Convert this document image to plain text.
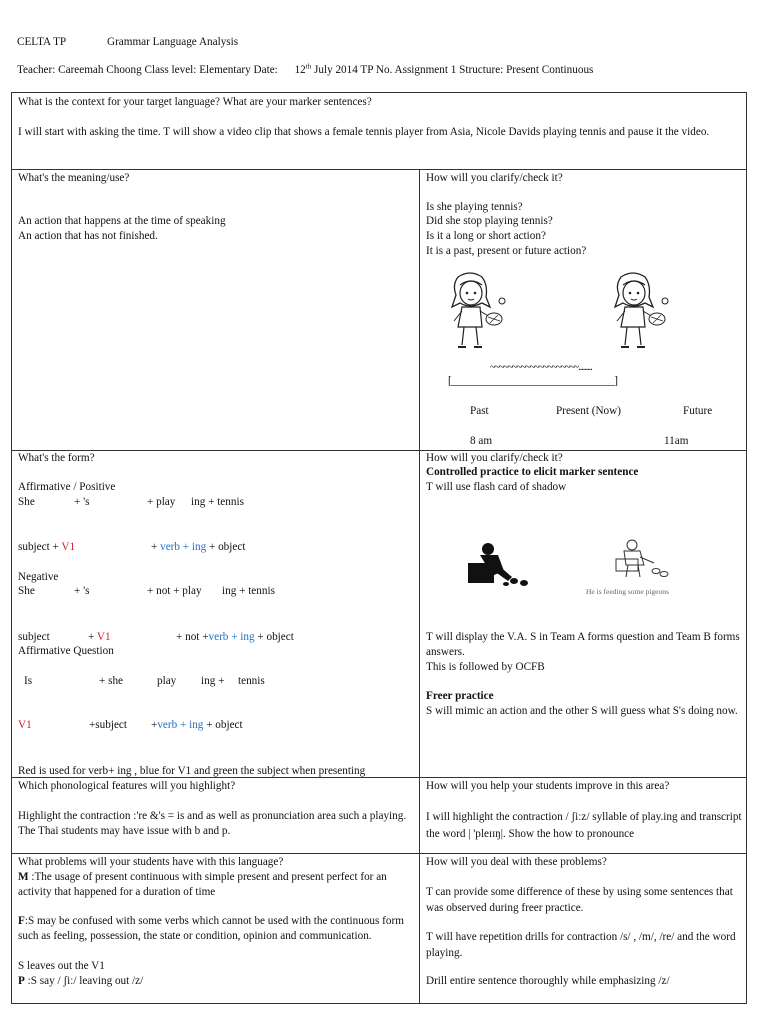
CELTA TP	Grammar Language Analysis
Teacher: Careemah Choong Class level: Elementary Date: 12th July 2014 TP No. Assignment 1 Structure: Present Continuous
What is the context for your target language? What are your marker sentences?
I will start with asking the time. T will show a video clip that shows a female tennis player from Asia, Nicole Davids playing tennis and pause it the video.
What's the meaning/use?
An action that happens at the time of speaking
An action that has not finished.
How will you clarify/check it?
Is she playing tennis?
Did she stop playing tennis?
Is it a long or short action?
It is a past, present or future action?
~~~~~~~~~~~~~~~~~~~~.........
[________________________________]
Past	Present (Now)	Future
8 am	11am
What's the form?
Affirmative / Positive
She	+ 's	+ play ing + tennis
subject + V1	+ verb + ing + object
Negative
She	+ 's	+ not + play ing + tennis
subject	+ V1	+ not +verb + ing + object
Affirmative Question
Is	+ she	play ing + tennis
V1	+subject +verb + ing + object
Red is used for verb+ ing , blue for V1 and green the subject when presenting
How will you clarify/check it?
Controlled practice to elicit marker sentence
T will use flash card of shadow
He is feeding some pigeons
T will display the V.A. S in Team A forms question and Team B forms answers.
This is followed by OCFB
Freer practice
S will mimic an action and the other S will guess what S's doing now.
Which phonological features will you highlight?
Highlight the contraction :'re &'s = is and as well as pronunciation area such a playing. The Thai students may have issue with b and p.
How will you help your students improve in this area?
I will highlight the contraction / ʃiːz/ syllable of play.ing and transcript the word | 'pleɪɪŋ|. Show the how to pronounce
What problems will your students have with this language?
M :The usage of present continuous with simple present and present perfect for an activity that happened for a duration of time
F:S may be confused with some verbs which cannot be used with the continuous form such as feeling, possession, the state or condition, opinion and communication.
S leaves out the V1
P :S say / ʃiː/ leaving out /z/
How will you deal with these problems?
T can provide some difference of these by using some sentences that was observed during freer practice.
T will have repetition drills for contraction /s/ , /m/, /re/ and the word playing.
Drill entire sentence thoroughly while emphasizing /z/
